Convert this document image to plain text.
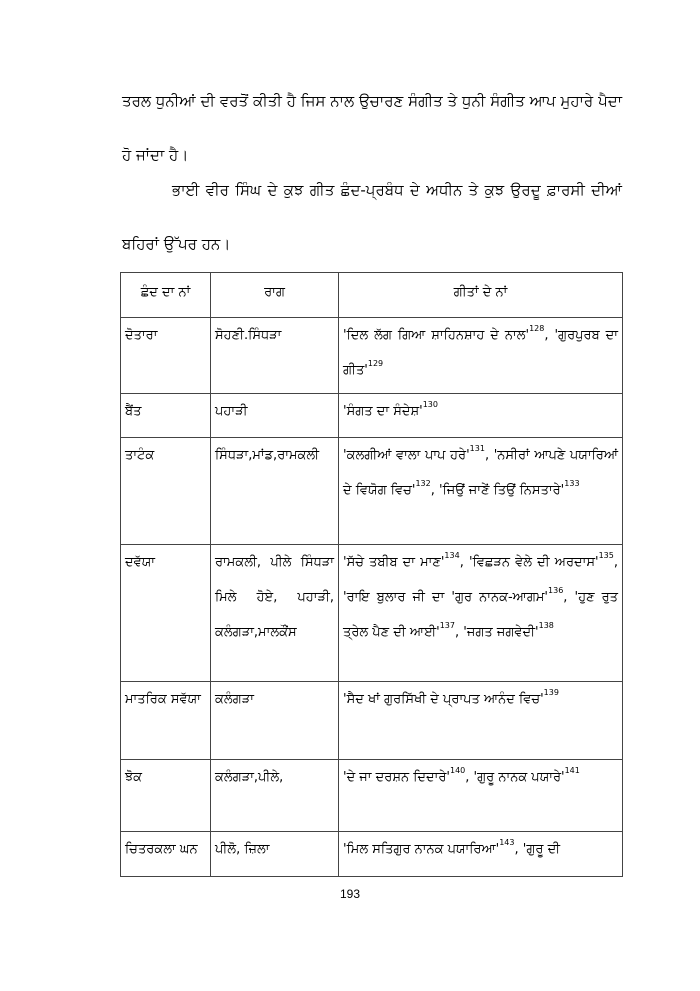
ਤਰਲ ਧੁਨੀਆਂ ਦੀ ਵਰਤੋਂ ਕੀਤੀ ਹੈ ਜਿਸ ਨਾਲ ਉਚਾਰਣ ਸੰਗੀਤ ਤੇ ਧੁਨੀ ਸੰਗੀਤ ਆਪ ਮੁਹਾਰੇ ਪੈਦਾ ਹੋ ਜਾਂਦਾ ਹੈ।

ਭਾਈ ਵੀਰ ਸਿੰਘ ਦੇ ਕੁਝ ਗੀਤ ਛੰਦ-ਪ੍ਰਬੰਧ ਦੇ ਅਧੀਨ ਤੇ ਕੁਝ ਉਰਦੂ ਫ਼ਾਰਸੀ ਦੀਆਂ ਬਹਿਰਾਂ ਉੱਪਰ ਹਨ।

ਛੰਦ ਦਾ ਨਾਂ	ਰਾਗ	ਗੀਤਾਂ ਦੇ ਨਾਂ
ਦੋਤਾਰਾ	ਸੋਹਣੀ.ਸਿੰਧੜਾ	'ਦਿਲ ਲੱਗ ਗਿਆ ਸ਼ਾਹਿਨਸ਼ਾਹ ਦੇ $ਨਾਲ'^{128}$, 'ਗੁਰਪੁਰਬ ਦਾ $ਗੀਤ'^{129}$
ਬੈਂਤ	ਪਹਾੜੀ	'ਸੰਗਤ ਦਾ $ਸੰਦੇਸ਼'^{130}$
ਤਾਟੰਕ	ਸਿੰਧੜਾ,ਮਾਂਡ,ਰਾਮਕਲੀ	'ਕਲਗੀਆਂ ਵਾਲਾ ਪਾਪ $ਹਰੇ'^{131}$, 'ਨਸੀਰਾਂ ਆਪਣੇ ਪਯਾਰਿਆਂ ਦੇ ਵਿਯੋਗ $ਵਿਚ'^{132}$, 'ਜਿਉਂ ਜਾਣੇਂ ਤਿਉਂ $ਨਿਸਤਾਰੇ'^{133}$
ਦਵੱਯਾ	ਰਾਮਕਲੀ, ਪੀਲੇ ਸਿੰਧੜਾ ਮਿਲੇ ਹੋਏ, ਪਹਾੜੀ, ਕਲੰਗੜਾ,ਮਾਲਕੌਂਸ	'ਸੱਚੇ ਤਬੀਬ ਦਾ $ਮਾਣ'^{134}$, 'ਵਿਛੜਨ ਵੇਲੇ ਦੀ $ਅਰਦਾਸ'^{135}$, 'ਰਾਇ ਬੁਲਾਰ ਜੀ ਦਾ 'ਗੁਰ $ਨਾਨਕ-ਆਗਮ'^{136}$, 'ਹੁਣ ਰੁਤ ਤ੍ਰੇਲ ਪੈਣ ਦੀ $ਆਈ'^{137}$, 'ਜਗਤ $ਜਗਵੇਦੀ'^{138}$
ਮਾਤਰਿਕ ਸਵੱਯਾ	ਕਲੰਗੜਾ	'ਸੈਦ ਖਾਂ ਗੁਰਸਿੱਖੀ ਦੇ ਪ੍ਰਾਪਤ ਆਨੰਦ $ਵਿਚ'^{139}$
ਝੋਕ	ਕਲੰਗੜਾ,ਪੀਲੇ,	'ਦੇ ਜਾ ਦਰਸ਼ਨ $ਦਿਦਾਰੇ'^{140}$, 'ਗੁਰੂ ਨਾਨਕ $ਪਯਾਰੇ'^{141}$
ਚਿਤਰਕਲਾ ਘਨ	ਪੀਲੋ, ਜ਼ਿਲਾ	'ਮਿਲ ਸਤਿਗੁਰ ਨਾਨਕ $ਪਯਾਰਿਆ'^{143}$, 'ਗੁਰੂ ਦੀ
193
